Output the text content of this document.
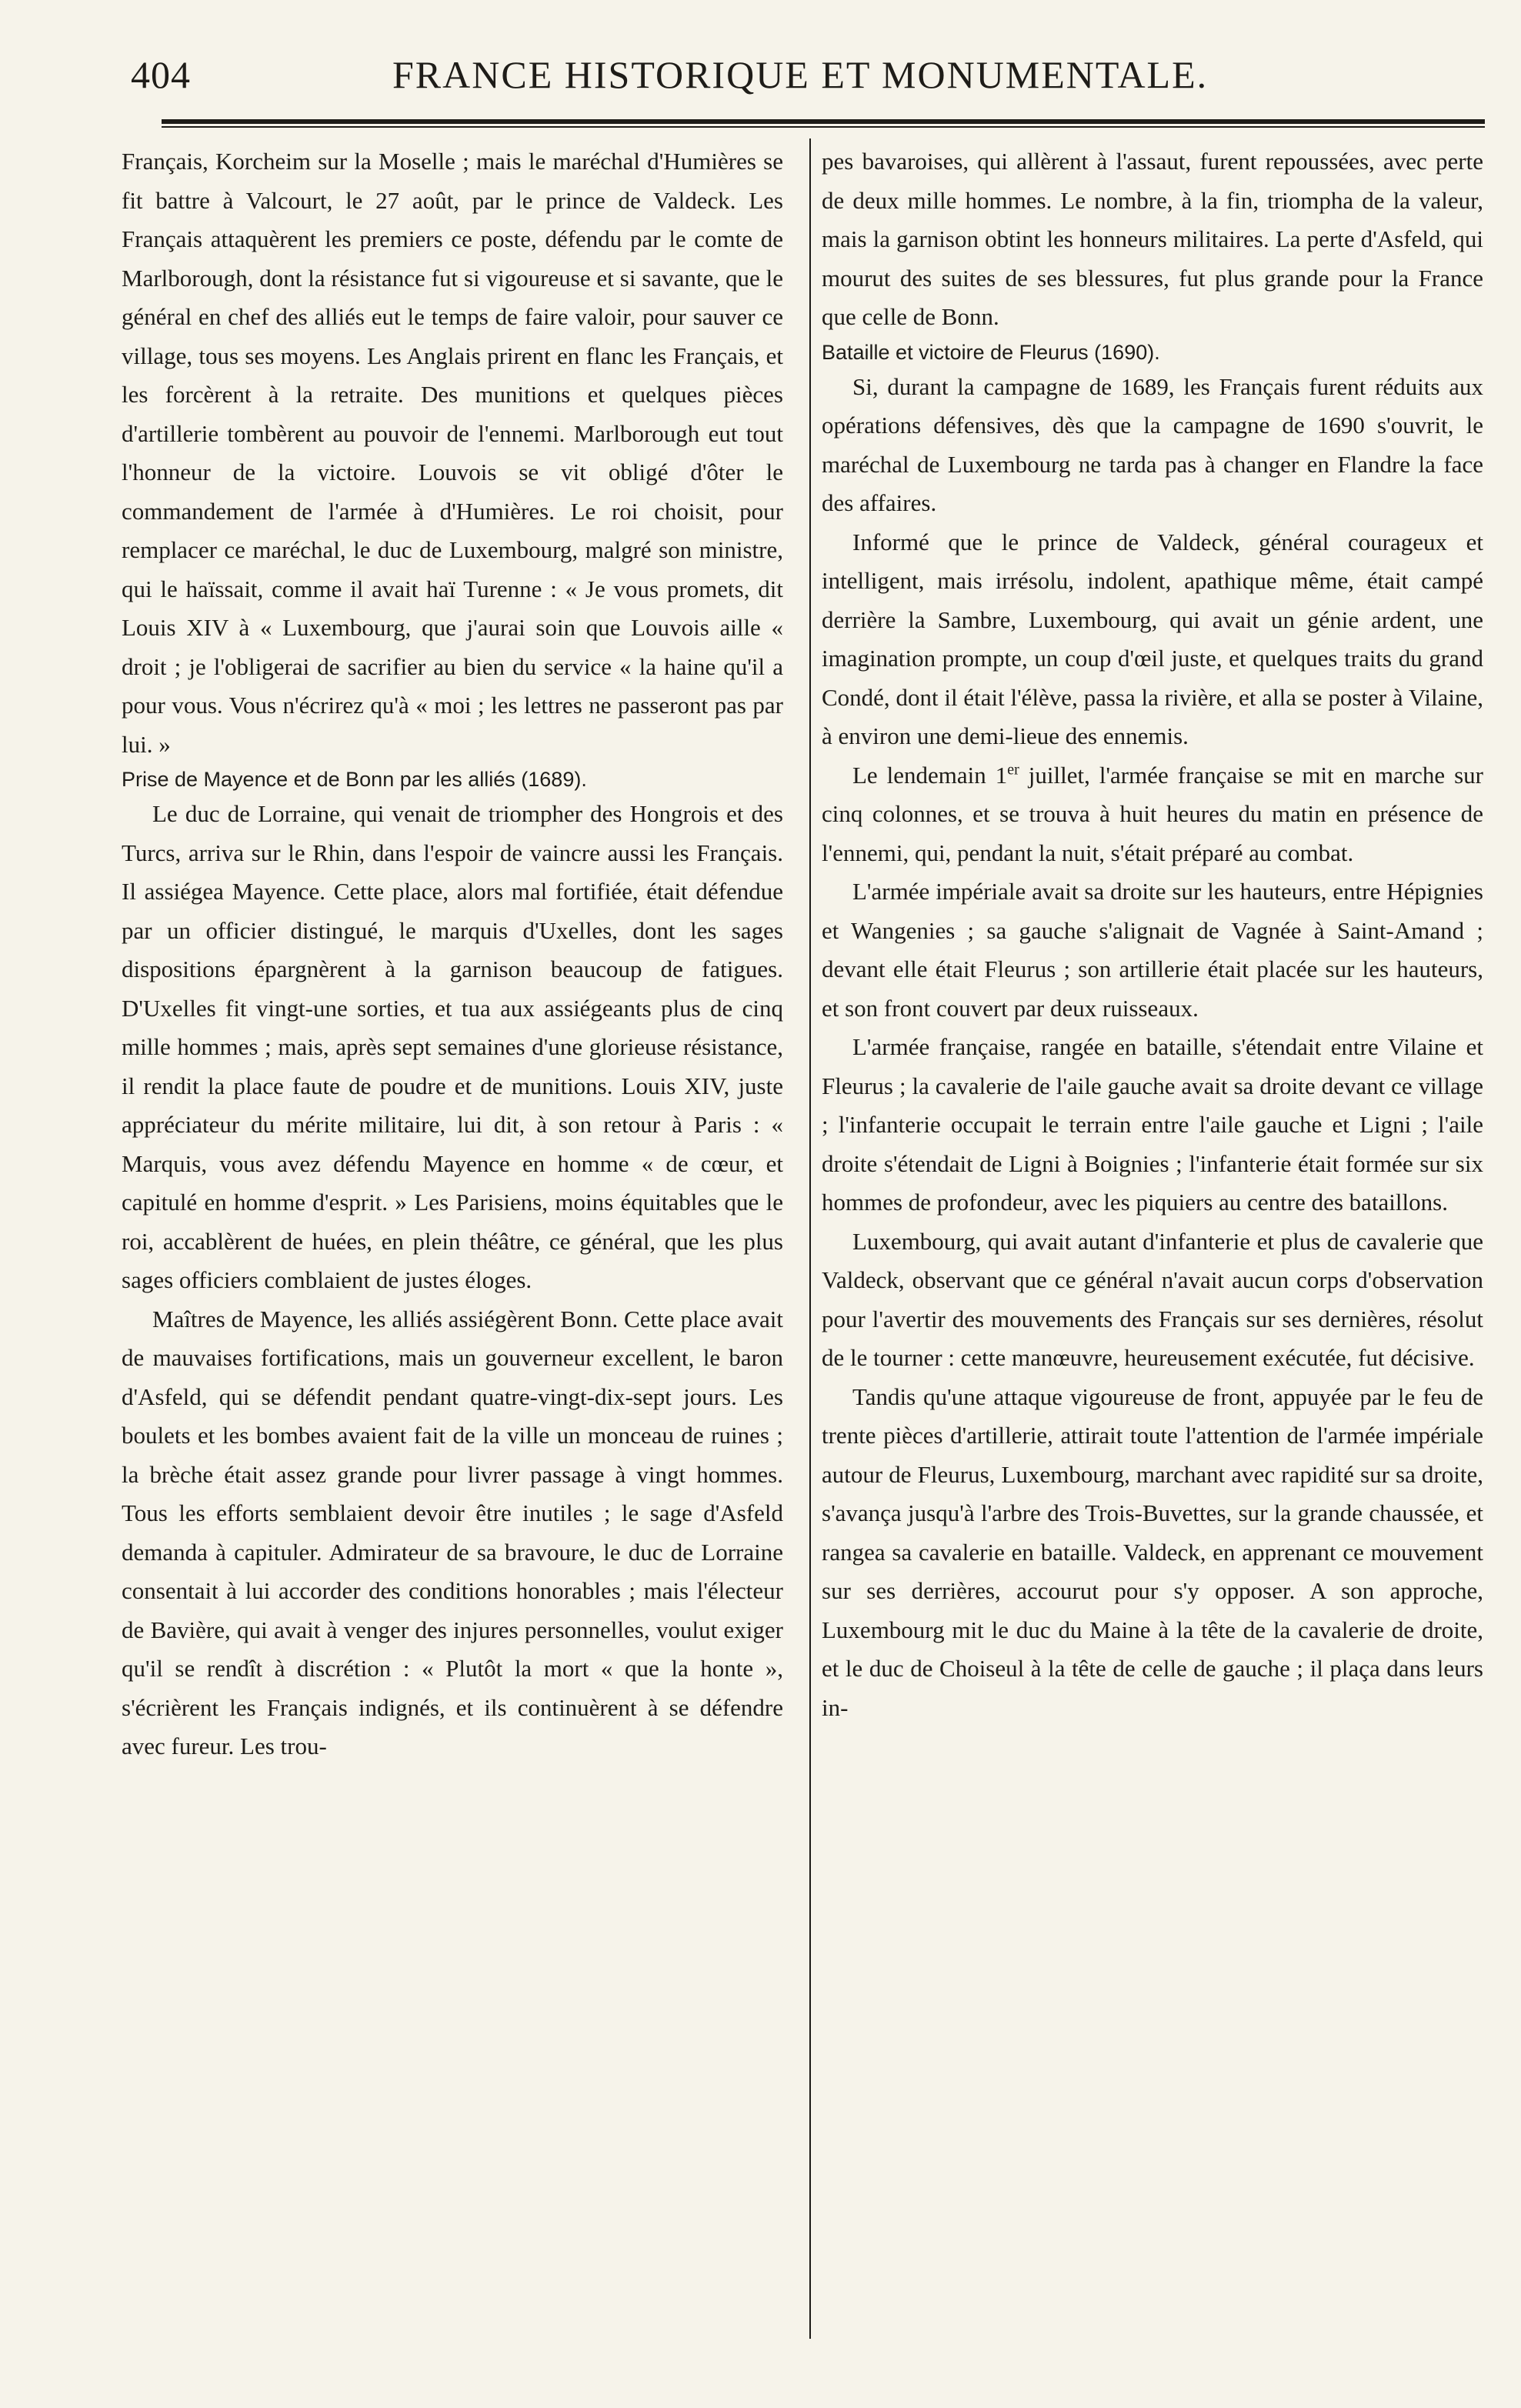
404	FRANCE HISTORIQUE ET MONUMENTALE.

Français, Korcheim sur la Moselle ; mais le maréchal d'Humières se fit battre à Valcourt, le 27 août, par le prince de Valdeck. Les Français attaquèrent les premiers ce poste, défendu par le comte de Marlborough, dont la résistance fut si vigoureuse et si savante, que le général en chef des alliés eut le temps de faire valoir, pour sauver ce village, tous ses moyens. Les Anglais prirent en flanc les Français, et les forcèrent à la retraite. Des munitions et quelques pièces d'artillerie tombèrent au pouvoir de l'ennemi. Marlborough eut tout l'honneur de la victoire. Louvois se vit obligé d'ôter le commandement de l'armée à d'Humières. Le roi choisit, pour remplacer ce maréchal, le duc de Luxembourg, malgré son ministre, qui le haïssait, comme il avait haï Turenne : « Je vous promets, dit Louis XIV à « Luxembourg, que j'aurai soin que Louvois aille « droit ; je l'obligerai de sacrifier au bien du service « la haine qu'il a pour vous. Vous n'écrirez qu'à « moi ; les lettres ne passeront pas par lui. »

Prise de Mayence et de Bonn par les alliés (1689).

Le duc de Lorraine, qui venait de triompher des Hongrois et des Turcs, arriva sur le Rhin, dans l'espoir de vaincre aussi les Français. Il assiégea Mayence. Cette place, alors mal fortifiée, était défendue par un officier distingué, le marquis d'Uxelles, dont les sages dispositions épargnèrent à la garnison beaucoup de fatigues. D'Uxelles fit vingt-une sorties, et tua aux assiégeants plus de cinq mille hommes ; mais, après sept semaines d'une glorieuse résistance, il rendit la place faute de poudre et de munitions. Louis XIV, juste appréciateur du mérite militaire, lui dit, à son retour à Paris : « Marquis, vous avez défendu Mayence en homme « de cœur, et capitulé en homme d'esprit. » Les Parisiens, moins équitables que le roi, accablèrent de huées, en plein théâtre, ce général, que les plus sages officiers comblaient de justes éloges.

Maîtres de Mayence, les alliés assiégèrent Bonn. Cette place avait de mauvaises fortifications, mais un gouverneur excellent, le baron d'Asfeld, qui se défendit pendant quatre-vingt-dix-sept jours. Les boulets et les bombes avaient fait de la ville un monceau de ruines ; la brèche était assez grande pour livrer passage à vingt hommes. Tous les efforts semblaient devoir être inutiles ; le sage d'Asfeld demanda à capituler. Admirateur de sa bravoure, le duc de Lorraine consentait à lui accorder des conditions honorables ; mais l'électeur de Bavière, qui avait à venger des injures personnelles, voulut exiger qu'il se rendît à discrétion : « Plutôt la mort « que la honte », s'écrièrent les Français indignés, et ils continuèrent à se défendre avec fureur. Les trou-

pes bavaroises, qui allèrent à l'assaut, furent repoussées, avec perte de deux mille hommes. Le nombre, à la fin, triompha de la valeur, mais la garnison obtint les honneurs militaires. La perte d'Asfeld, qui mourut des suites de ses blessures, fut plus grande pour la France que celle de Bonn.

Bataille et victoire de Fleurus (1690).

Si, durant la campagne de 1689, les Français furent réduits aux opérations défensives, dès que la campagne de 1690 s'ouvrit, le maréchal de Luxembourg ne tarda pas à changer en Flandre la face des affaires.

Informé que le prince de Valdeck, général courageux et intelligent, mais irrésolu, indolent, apathique même, était campé derrière la Sambre, Luxembourg, qui avait un génie ardent, une imagination prompte, un coup d'œil juste, et quelques traits du grand Condé, dont il était l'élève, passa la rivière, et alla se poster à Vilaine, à environ une demi-lieue des ennemis.

Le lendemain 1er juillet, l'armée française se mit en marche sur cinq colonnes, et se trouva à huit heures du matin en présence de l'ennemi, qui, pendant la nuit, s'était préparé au combat.

L'armée impériale avait sa droite sur les hauteurs, entre Hépignies et Wangenies ; sa gauche s'alignait de Vagnée à Saint-Amand ; devant elle était Fleurus ; son artillerie était placée sur les hauteurs, et son front couvert par deux ruisseaux.

L'armée française, rangée en bataille, s'étendait entre Vilaine et Fleurus ; la cavalerie de l'aile gauche avait sa droite devant ce village ; l'infanterie occupait le terrain entre l'aile gauche et Ligni ; l'aile droite s'étendait de Ligni à Boignies ; l'infanterie était formée sur six hommes de profondeur, avec les piquiers au centre des bataillons.

Luxembourg, qui avait autant d'infanterie et plus de cavalerie que Valdeck, observant que ce général n'avait aucun corps d'observation pour l'avertir des mouvements des Français sur ses dernières, résolut de le tourner : cette manœuvre, heureusement exécutée, fut décisive.

Tandis qu'une attaque vigoureuse de front, appuyée par le feu de trente pièces d'artillerie, attirait toute l'attention de l'armée impériale autour de Fleurus, Luxembourg, marchant avec rapidité sur sa droite, s'avança jusqu'à l'arbre des Trois-Buvettes, sur la grande chaussée, et rangea sa cavalerie en bataille. Valdeck, en apprenant ce mouvement sur ses derrières, accourut pour s'y opposer. A son approche, Luxembourg mit le duc du Maine à la tête de la cavalerie de droite, et le duc de Choiseul à la tête de celle de gauche ; il plaça dans leurs in-
